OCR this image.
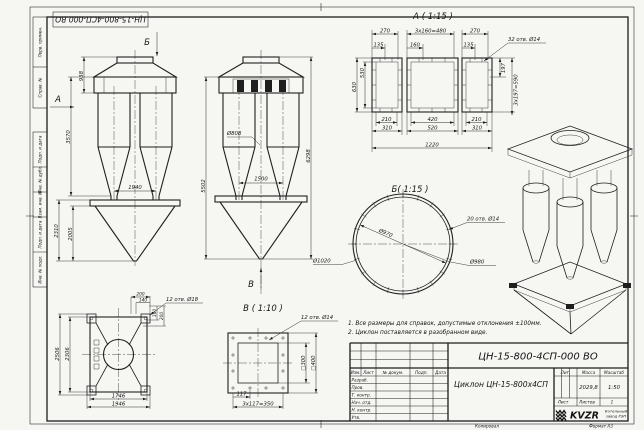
Перв. примен.
Справ. №
Подп. и дата
Инв. № дубл.
Взам. инв. №
Подп. и дата
Инв. № подл.
ЦН-15-800-4СП-000 ВО
Б
А
938
3570
1940
2310 2005
В
Ø808
1500
6298
5502
А ( 1:15 )
270	3x160=480	270
135	160	135
530
630
197
3x197=590
210	420	210
310	520	310
1220
32 отв. Ø14
Б( 1:15 )
Ø970
20 отв. Ø14
Ø980
Ø1020
2506 2306
1746
1946
200
140
140 200
12 отв. Ø18
В ( 1:10 )
117
3x117=350
□300 □400
12 отв. Ø14
1. Все размеры для справок, допустимые отклонения ±100мм.
2. Циклон поставляется в разобранном виде.
ЦН-15-800-4СП-000 ВО
Циклон ЦН-15-800х4СП
Изм. Лист № докум.	Подп. Дата
Разраб.
Пров.
Т. контр.
Нач. отд.
Н. контр.
Утв.
Лит.	Масса Масштаб
2029,8 1:50
Лист	Листов	1
KVZR Котельный
завод РЭП
Копировал	Формат А3
